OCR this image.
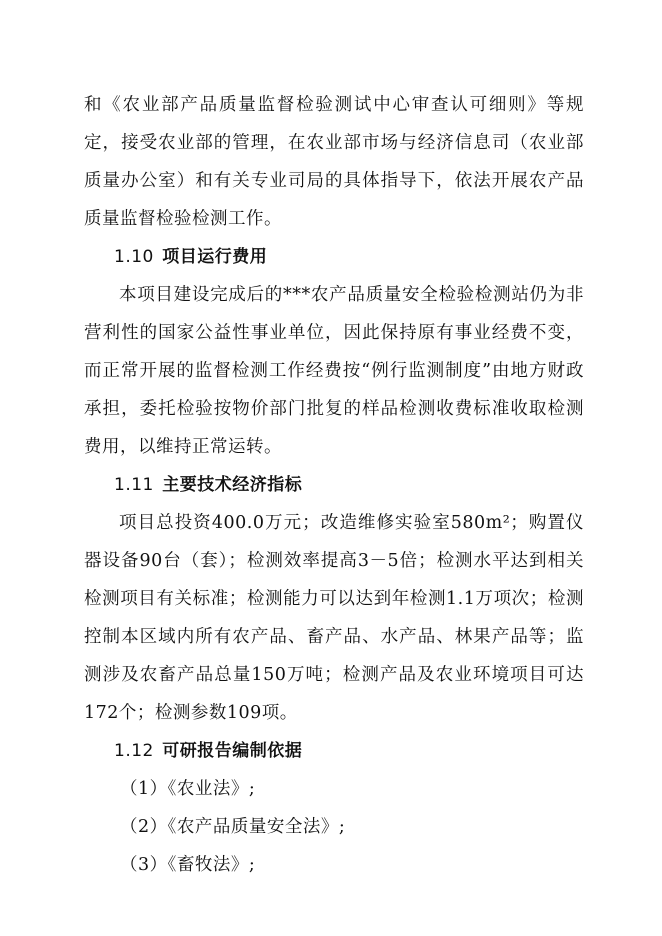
和《农业部产品质量监督检验测试中心审查认可细则》等规定，接受农业部的管理，在农业部市场与经济信息司（农业部质量办公室）和有关专业司局的具体指导下，依法开展农产品质量监督检验检测工作。

1.10 项目运行费用

本项目建设完成后的***农产品质量安全检验检测站仍为非营利性的国家公益性事业单位，因此保持原有事业经费不变，而正常开展的监督检测工作经费按“例行监测制度”由地方财政承担，委托检验按物价部门批复的样品检测收费标准收取检测费用，以维持正常运转。

1.11 主要技术经济指标

项目总投资400.0万元；改造维修实验室580m²；购置仪器设备90台（套）；检测效率提高3－5倍；检测水平达到相关检测项目有关标准；检测能力可以达到年检测1.1万项次；检测控制本区域内所有农产品、畜产品、水产品、林果产品等；监测涉及农畜产品总量150万吨；检测产品及农业环境项目可达172个；检测参数109项。

1.12 可研报告编制依据

（1）《农业法》;

（2）《农产品质量安全法》;

（3）《畜牧法》;
